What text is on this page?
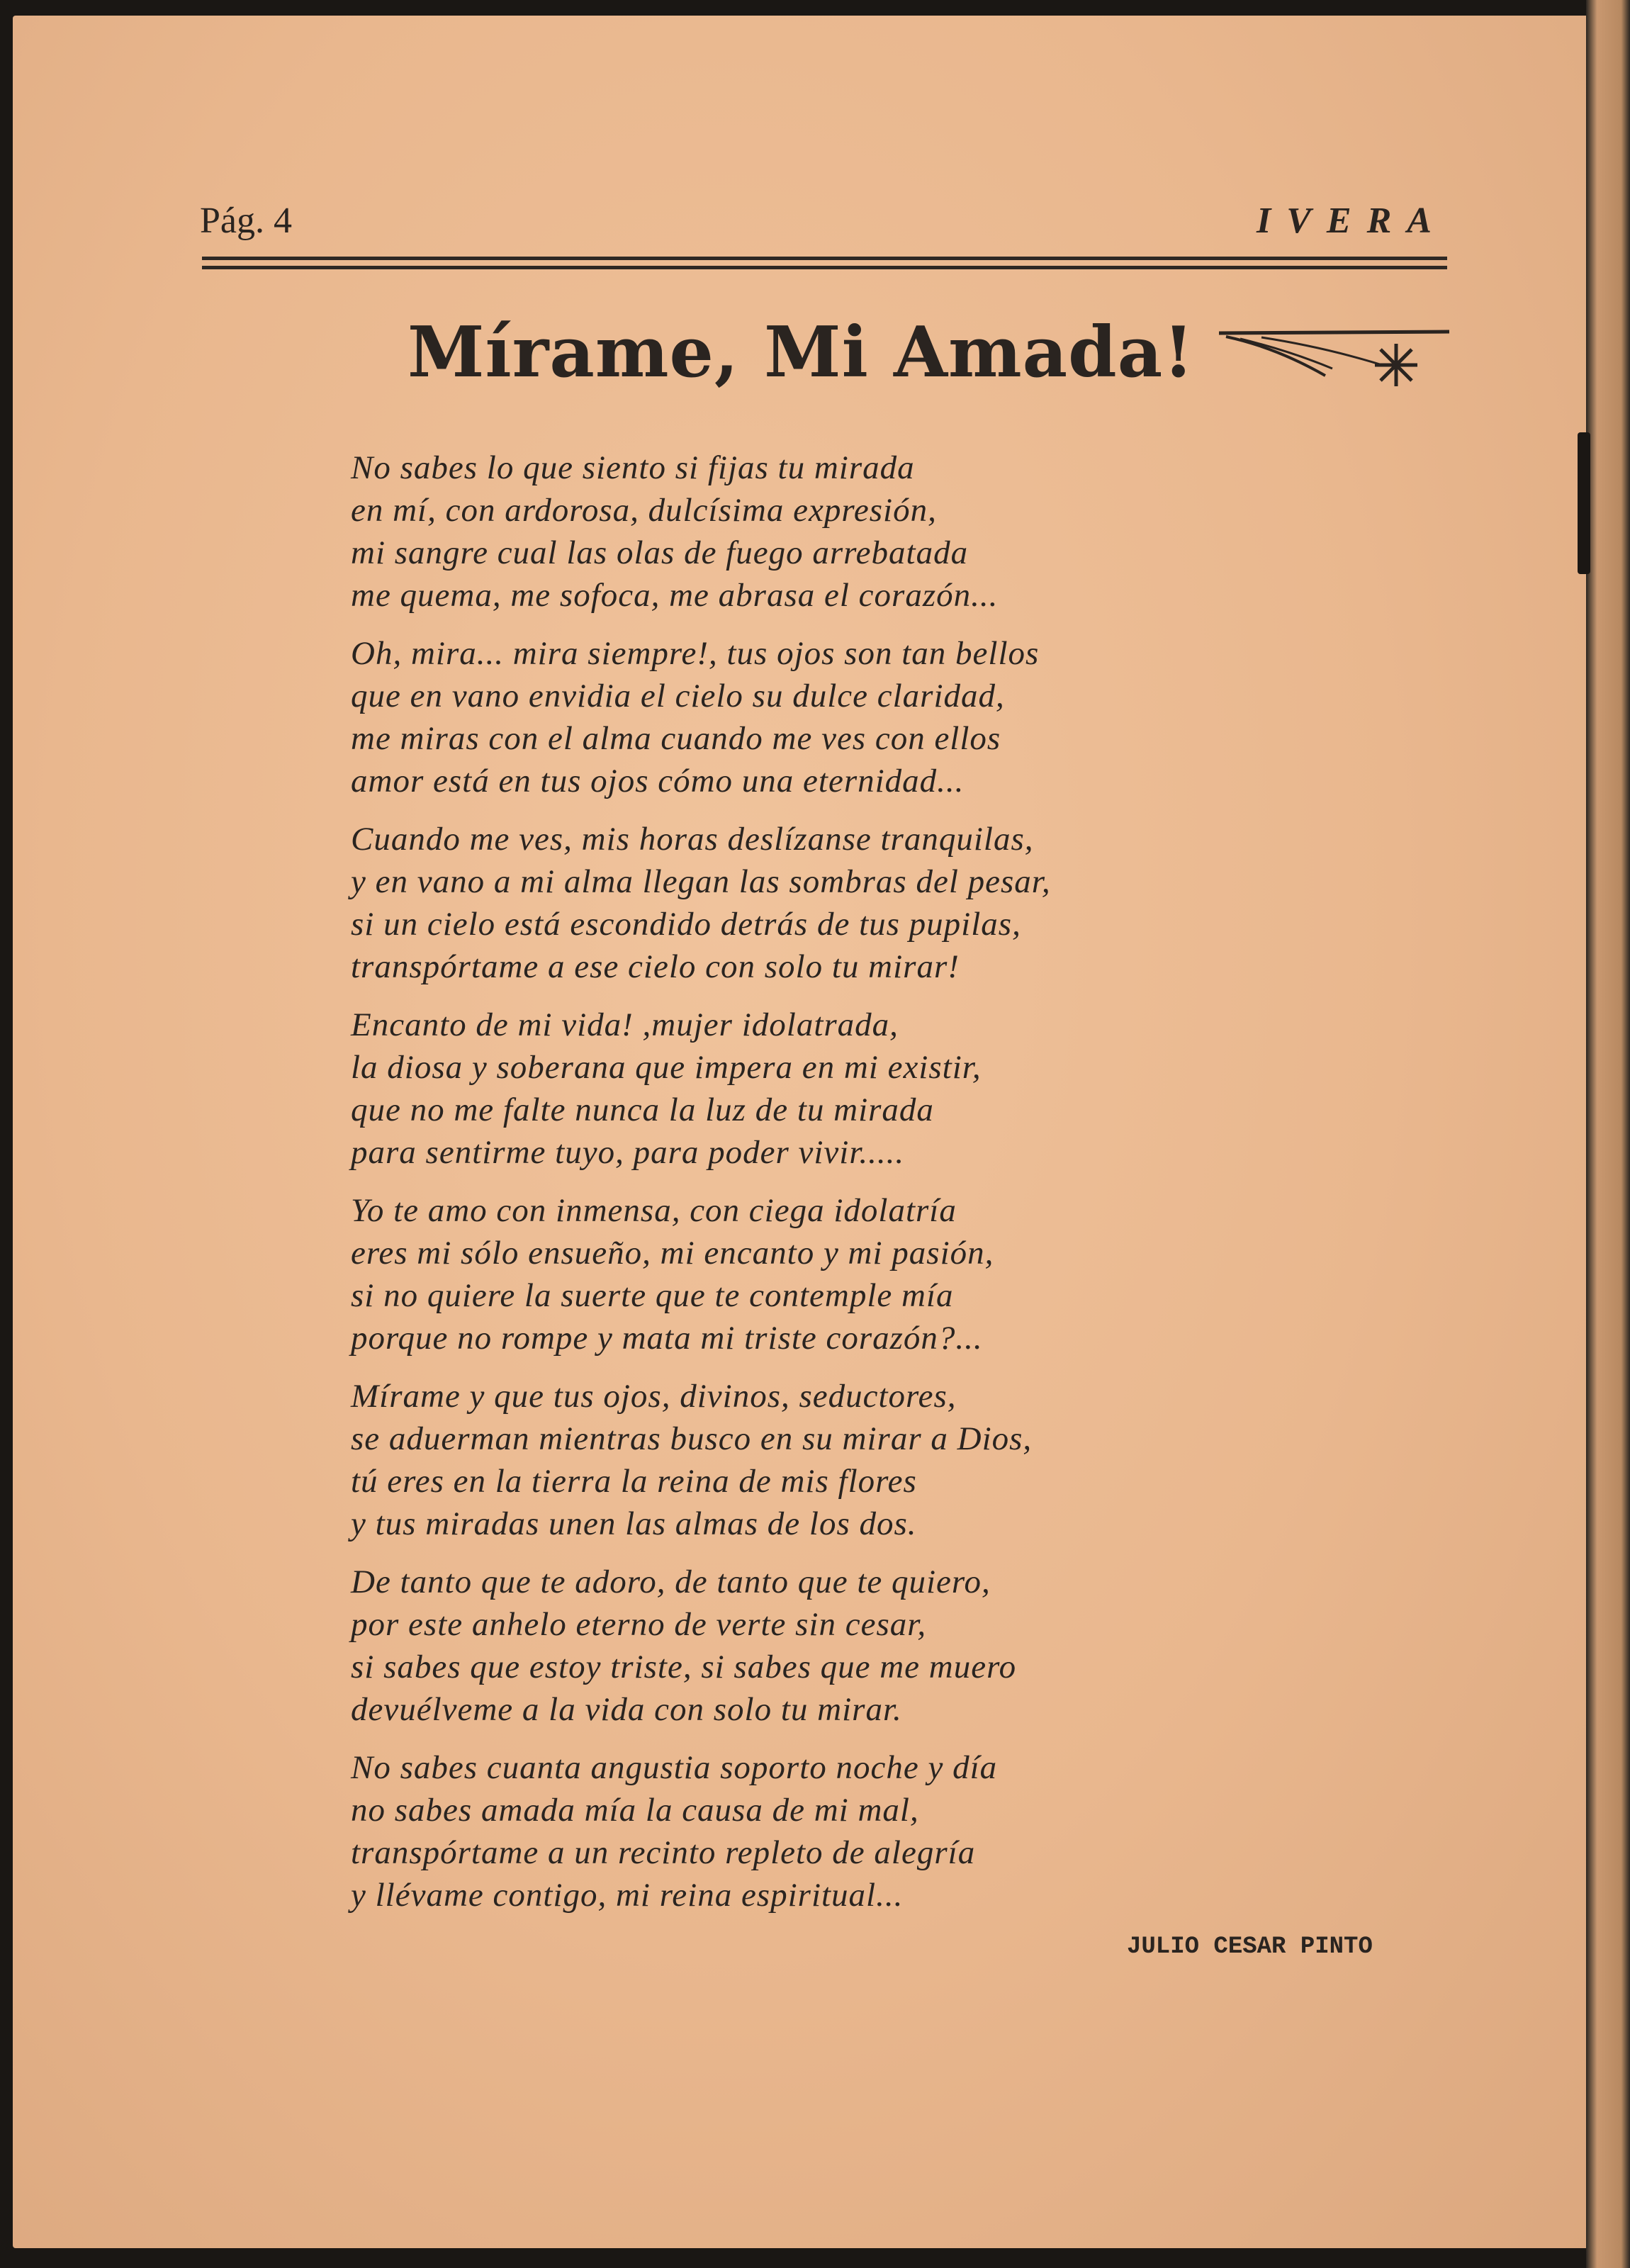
Pág. 4	IVERA
Mírame, Mi Amada!
No sabes lo que siento si fijas tu mirada
en mí, con ardorosa, dulcísima expresión,
mi sangre cual las olas de fuego arrebatada
me quema, me sofoca, me abrasa el corazón...
Oh, mira... mira siempre!, tus ojos son tan bellos
que en vano envidia el cielo su dulce claridad,
me miras con el alma cuando me ves con ellos
amor está en tus ojos cómo una eternidad...
Cuando me ves, mis horas deslízanse tranquilas,
y en vano a mi alma llegan las sombras del pesar,
si un cielo está escondido detrás de tus pupilas,
transpórtame a ese cielo con solo tu mirar!
Encanto de mi vida! ,mujer idolatrada,
la diosa y soberana que impera en mi existir,
que no me falte nunca la luz de tu mirada
para sentirme tuyo, para poder vivir.....
Yo te amo con inmensa, con ciega idolatría
eres mi sólo ensueño, mi encanto y mi pasión,
si no quiere la suerte que te contemple mía
porque no rompe y mata mi triste corazón?...
Mírame y que tus ojos, divinos, seductores,
se aduerman mientras busco en su mirar a Dios,
tú eres en la tierra la reina de mis flores
y tus miradas unen las almas de los dos.
De tanto que te adoro, de tanto que te quiero,
por este anhelo eterno de verte sin cesar,
si sabes que estoy triste, si sabes que me muero
devuélveme a la vida con solo tu mirar.
No sabes cuanta angustia soporto noche y día
no sabes amada mía la causa de mi mal,
transpórtame a un recinto repleto de alegría
y llévame contigo, mi reina espiritual...
JULIO CESAR PINTO
